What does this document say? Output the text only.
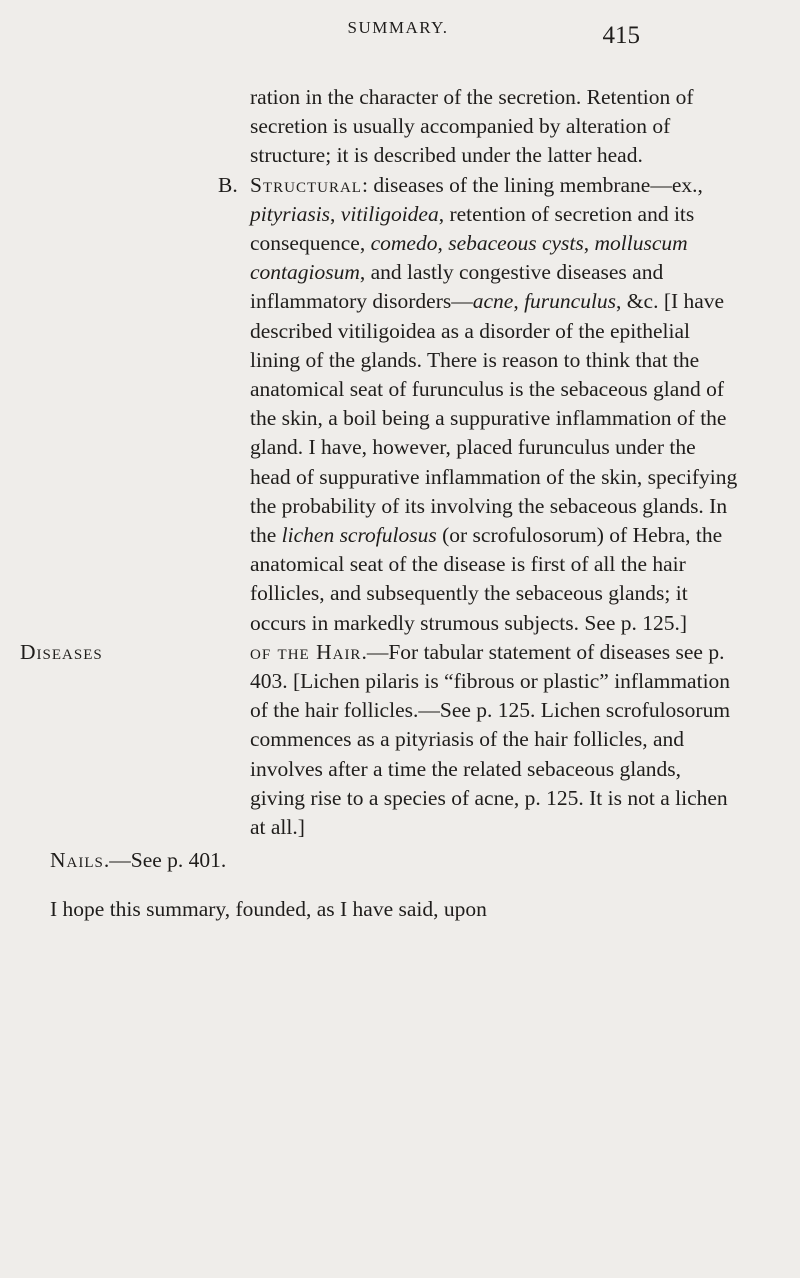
SUMMARY.	415

ration in the character of the secretion. Retention of secretion is usually accompanied by alteration of structure; it is described under the latter head.

B. Structural: diseases of the lining membrane—ex., pityriasis, vitiligoidea, retention of secretion and its consequence, comedo, sebaceous cysts, molluscum contagiosum, and lastly congestive diseases and inflammatory disorders—acne, furunculus, &c. [I have described vitiligoidea as a disorder of the epithelial lining of the glands. There is reason to think that the anatomical seat of furunculus is the sebaceous gland of the skin, a boil being a suppurative inflammation of the gland. I have, however, placed furunculus under the head of suppurative inflammation of the skin, specifying the probability of its involving the sebaceous glands. In the lichen scrofulosus (or scrofulosorum) of Hebra, the anatomical seat of the disease is first of all the hair follicles, and subsequently the sebaceous glands; it occurs in markedly strumous subjects. See p. 125.]

Diseases	of the Hair.—For tabular statement of diseases see p. 403. [Lichen pilaris is “fibrous or plastic” inflammation of the hair follicles.—See p. 125. Lichen scrofulosorum commences as a pityriasis of the hair follicles, and involves after a time the related sebaceous glands, giving rise to a species of acne, p. 125. It is not a lichen at all.]

Nails.—See p. 401.

I hope this summary, founded, as I have said, upon
